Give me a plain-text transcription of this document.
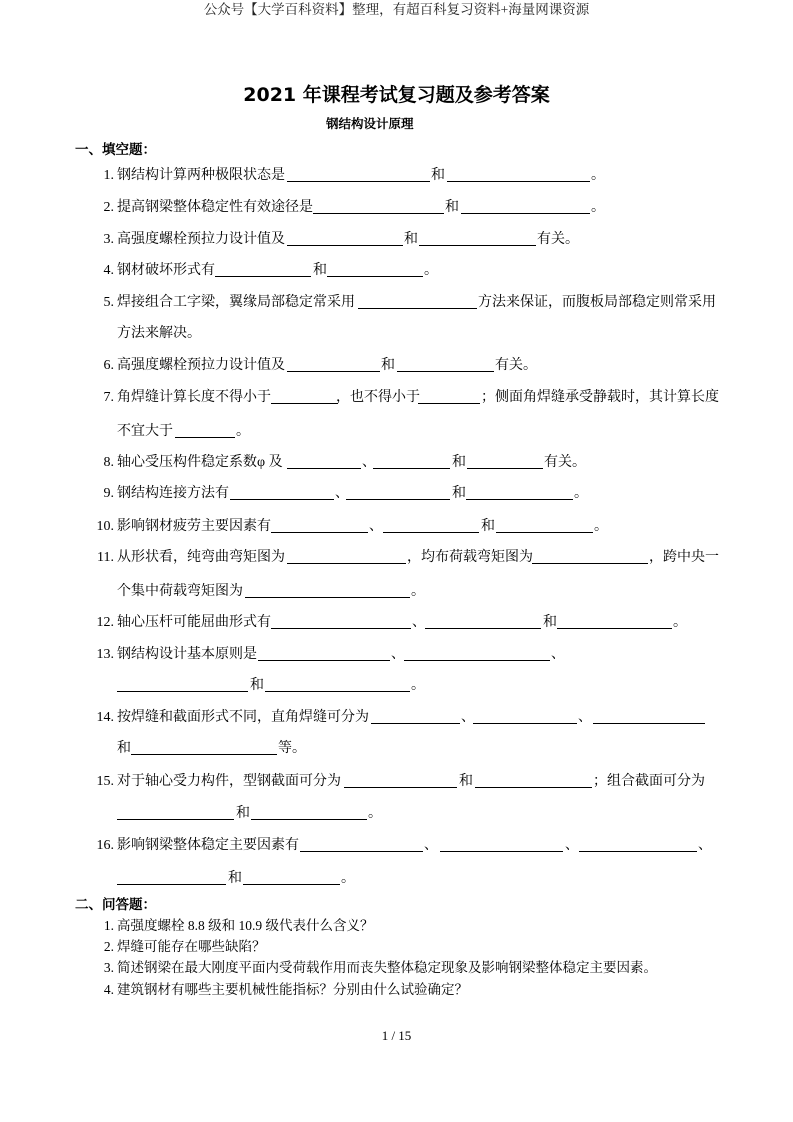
公众号【大学百科资料】整理，有超百科复习资料+海量网课资源
2021 年课程考试复习题及参考答案
钢结构设计原理
一、填空题：
1. 钢结构计算两种极限状态是	和	。
2. 提高钢梁整体稳定性有效途径是	和	。
3. 高强度螺栓预拉力设计值及	和	有关。
4. 钢材破坏形式有	和	。
5. 焊接组合工字梁，翼缘局部稳定常采用	方法来保证，而腹板局部稳定则常采用
方法来解决。
6. 高强度螺栓预拉力设计值及	和	有关。
7. 角焊缝计算长度不得小于	，也不得小于	；侧面角焊缝承受静载时，其计算长度
不宜大于	。
8. 轴心受压构件稳定系数φ 及	、	和	有关。
9. 钢结构连接方法有	、	和	。
10. 影响钢材疲劳主要因素有	、	和	。
11. 从形状看，纯弯曲弯矩图为	，均布荷载弯矩图为	，跨中央一
个集中荷载弯矩图为	。
12. 轴心压杆可能屈曲形式有	、	和	。
13. 钢结构设计基本原则是	、	、
和	。
14. 按焊缝和截面形式不同，直角焊缝可分为	、	、
和	等。
15. 对于轴心受力构件，型钢截面可分为	和	；组合截面可分为
和	。
16. 影响钢梁整体稳定主要因素有	、	、	、
和	。
二、问答题：
1. 高强度螺栓 8.8 级和 10.9 级代表什么含义？
2. 焊缝可能存在哪些缺陷？
3. 简述钢梁在最大刚度平面内受荷载作用而丧失整体稳定现象及影响钢梁整体稳定主要因素。
4. 建筑钢材有哪些主要机械性能指标？分别由什么试验确定？
1 / 15
